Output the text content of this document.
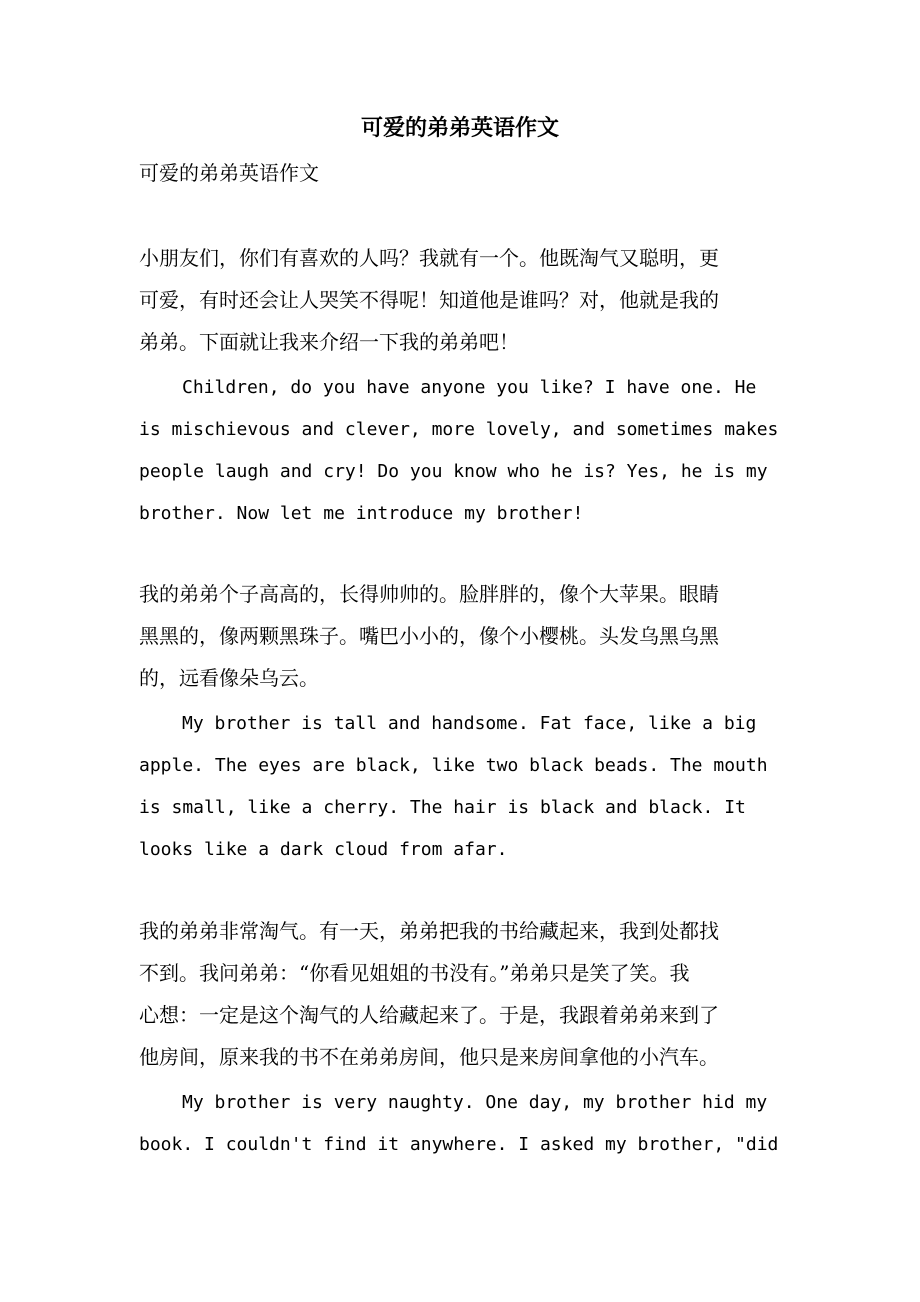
可爱的弟弟英语作文
可爱的弟弟英语作文
小朋友们，你们有喜欢的人吗？我就有一个。他既淘气又聪明，更
可爱，有时还会让人哭笑不得呢！知道他是谁吗？对，他就是我的
弟弟。下面就让我来介绍一下我的弟弟吧！
Children, do you have anyone you like? I have one. He
is mischievous and clever, more lovely, and sometimes makes
people laugh and cry! Do you know who he is? Yes, he is my
brother. Now let me introduce my brother!
我的弟弟个子高高的，长得帅帅的。脸胖胖的，像个大苹果。眼睛
黑黑的，像两颗黑珠子。嘴巴小小的，像个小樱桃。头发乌黑乌黑
的，远看像朵乌云。
My brother is tall and handsome. Fat face, like a big
apple. The eyes are black, like two black beads. The mouth
is small, like a cherry. The hair is black and black. It
looks like a dark cloud from afar.
我的弟弟非常淘气。有一天，弟弟把我的书给藏起来，我到处都找
不到。我问弟弟：“你看见姐姐的书没有。”弟弟只是笑了笑。我
心想：一定是这个淘气的人给藏起来了。于是，我跟着弟弟来到了
他房间，原来我的书不在弟弟房间，他只是来房间拿他的小汽车。
My brother is very naughty. One day, my brother hid my
book. I couldn't find it anywhere. I asked my brother, "did
